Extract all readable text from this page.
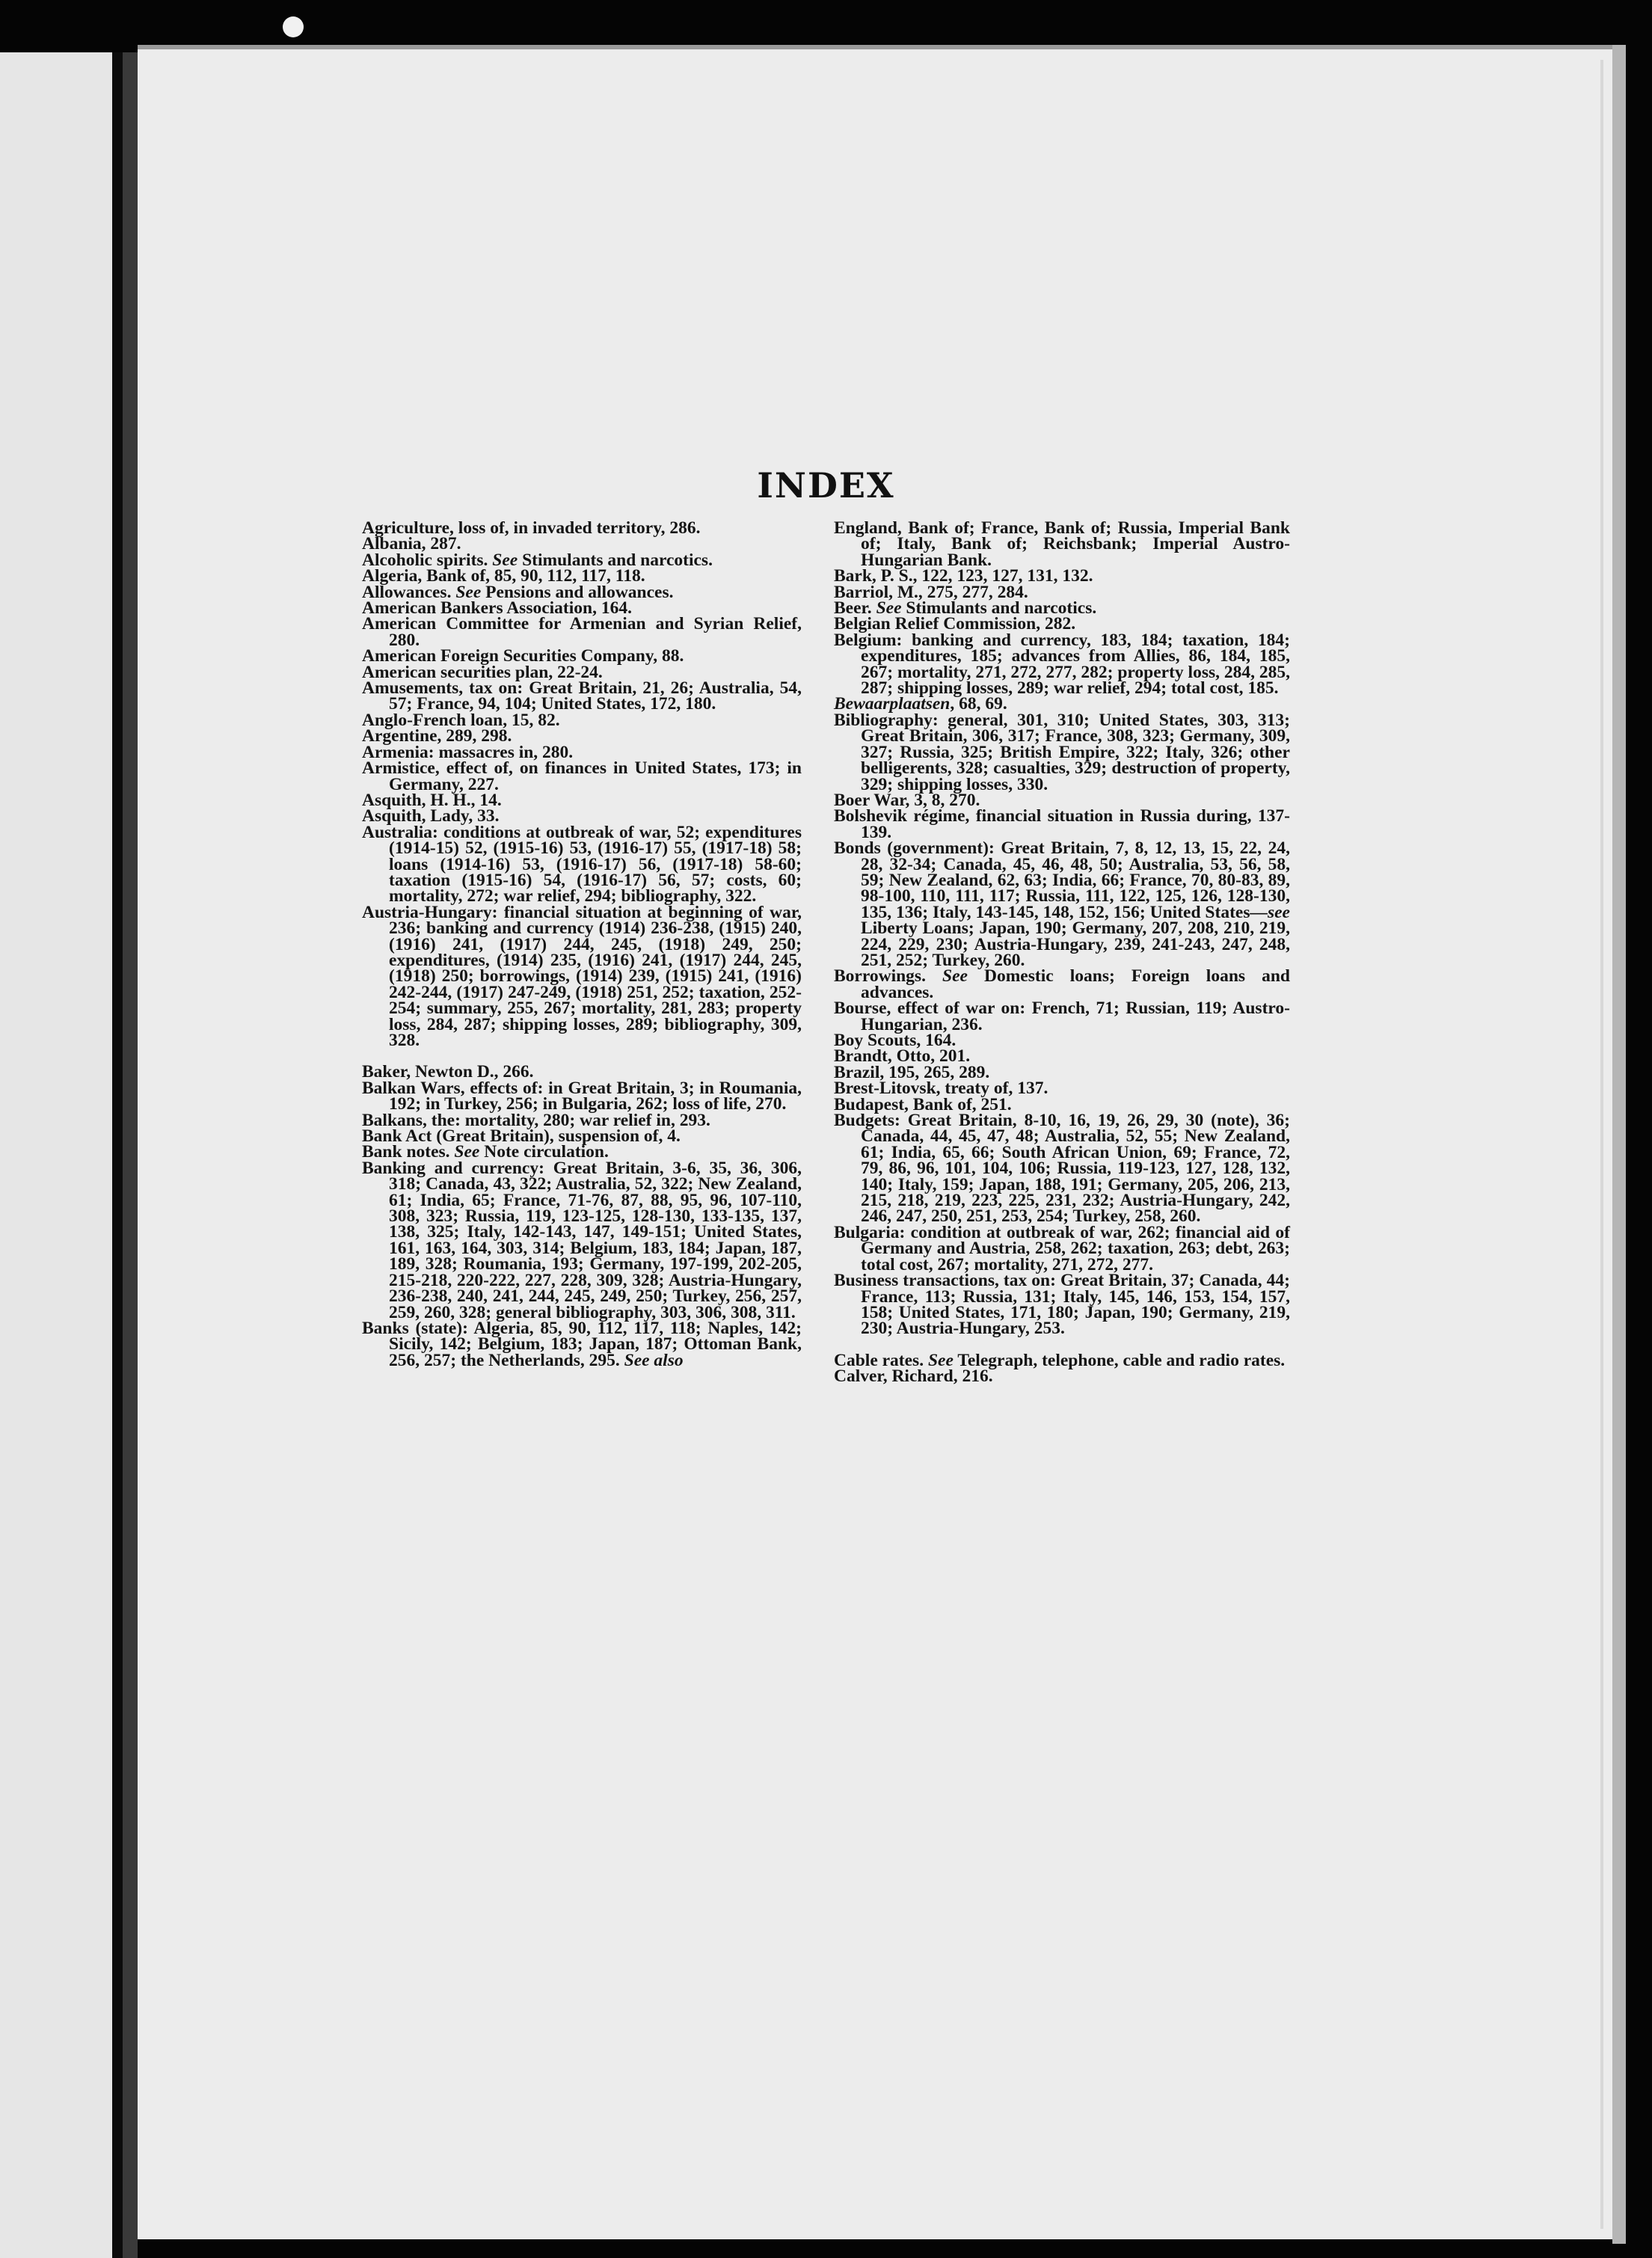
INDEX

Agriculture, loss of, in invaded territory, 286.

Albania, 287.

Alcoholic spirits. See Stimulants and narcotics.

Algeria, Bank of, 85, 90, 112, 117, 118.

Allowances. See Pensions and allowances.

American Bankers Association, 164.

American Committee for Armenian and Syrian Relief, 280.

American Foreign Securities Company, 88.

American securities plan, 22-24.

Amusements, tax on: Great Britain, 21, 26; Australia, 54, 57; France, 94, 104; United States, 172, 180.

Anglo-French loan, 15, 82.

Argentine, 289, 298.

Armenia: massacres in, 280.

Armistice, effect of, on finances in United States, 173; in Germany, 227.

Asquith, H. H., 14.

Asquith, Lady, 33.

Australia: conditions at outbreak of war, 52; expenditures (1914-15) 52, (1915-16) 53, (1916-17) 55, (1917-18) 58; loans (1914-16) 53, (1916-17) 56, (1917-18) 58-60; taxation (1915-16) 54, (1916-17) 56, 57; costs, 60; mortality, 272; war relief, 294; bibliography, 322.

Austria-Hungary: financial situation at beginning of war, 236; banking and currency (1914) 236-238, (1915) 240, (1916) 241, (1917) 244, 245, (1918) 249, 250; expenditures, (1914) 235, (1916) 241, (1917) 244, 245, (1918) 250; borrowings, (1914) 239, (1915) 241, (1916) 242-244, (1917) 247-249, (1918) 251, 252; taxation, 252-254; summary, 255, 267; mortality, 281, 283; property loss, 284, 287; shipping losses, 289; bibliography, 309, 328.

Baker, Newton D., 266.

Balkan Wars, effects of: in Great Britain, 3; in Roumania, 192; in Turkey, 256; in Bulgaria, 262; loss of life, 270.

Balkans, the: mortality, 280; war relief in, 293.

Bank Act (Great Britain), suspension of, 4.

Bank notes. See Note circulation.

Banking and currency: Great Britain, 3-6, 35, 36, 306, 318; Canada, 43, 322; Australia, 52, 322; New Zealand, 61; India, 65; France, 71-76, 87, 88, 95, 96, 107-110, 308, 323; Russia, 119, 123-125, 128-130, 133-135, 137, 138, 325; Italy, 142-143, 147, 149-151; United States, 161, 163, 164, 303, 314; Belgium, 183, 184; Japan, 187, 189, 328; Roumania, 193; Germany, 197-199, 202-205, 215-218, 220-222, 227, 228, 309, 328; Austria-Hungary, 236-238, 240, 241, 244, 245, 249, 250; Turkey, 256, 257, 259, 260, 328; general bibliography, 303, 306, 308, 311.

Banks (state): Algeria, 85, 90, 112, 117, 118; Naples, 142; Sicily, 142; Belgium, 183; Japan, 187; Ottoman Bank, 256, 257; the Netherlands, 295. See also

England, Bank of; France, Bank of; Russia, Imperial Bank of; Italy, Bank of; Reichsbank; Imperial Austro-Hungarian Bank.

Bark, P. S., 122, 123, 127, 131, 132.

Barriol, M., 275, 277, 284.

Beer. See Stimulants and narcotics.

Belgian Relief Commission, 282.

Belgium: banking and currency, 183, 184; taxation, 184; expenditures, 185; advances from Allies, 86, 184, 185, 267; mortality, 271, 272, 277, 282; property loss, 284, 285, 287; shipping losses, 289; war relief, 294; total cost, 185.

Bewaarplaatsen, 68, 69.

Bibliography: general, 301, 310; United States, 303, 313; Great Britain, 306, 317; France, 308, 323; Germany, 309, 327; Russia, 325; British Empire, 322; Italy, 326; other belligerents, 328; casualties, 329; destruction of property, 329; shipping losses, 330.

Boer War, 3, 8, 270.

Bolshevik régime, financial situation in Russia during, 137-139.

Bonds (government): Great Britain, 7, 8, 12, 13, 15, 22, 24, 28, 32-34; Canada, 45, 46, 48, 50; Australia, 53, 56, 58, 59; New Zealand, 62, 63; India, 66; France, 70, 80-83, 89, 98-100, 110, 111, 117; Russia, 111, 122, 125, 126, 128-130, 135, 136; Italy, 143-145, 148, 152, 156; United States—see Liberty Loans; Japan, 190; Germany, 207, 208, 210, 219, 224, 229, 230; Austria-Hungary, 239, 241-243, 247, 248, 251, 252; Turkey, 260.

Borrowings. See Domestic loans; Foreign loans and advances.

Bourse, effect of war on: French, 71; Russian, 119; Austro-Hungarian, 236.

Boy Scouts, 164.

Brandt, Otto, 201.

Brazil, 195, 265, 289.

Brest-Litovsk, treaty of, 137.

Budapest, Bank of, 251.

Budgets: Great Britain, 8-10, 16, 19, 26, 29, 30 (note), 36; Canada, 44, 45, 47, 48; Australia, 52, 55; New Zealand, 61; India, 65, 66; South African Union, 69; France, 72, 79, 86, 96, 101, 104, 106; Russia, 119-123, 127, 128, 132, 140; Italy, 159; Japan, 188, 191; Germany, 205, 206, 213, 215, 218, 219, 223, 225, 231, 232; Austria-Hungary, 242, 246, 247, 250, 251, 253, 254; Turkey, 258, 260.

Bulgaria: condition at outbreak of war, 262; financial aid of Germany and Austria, 258, 262; taxation, 263; debt, 263; total cost, 267; mortality, 271, 272, 277.

Business transactions, tax on: Great Britain, 37; Canada, 44; France, 113; Russia, 131; Italy, 145, 146, 153, 154, 157, 158; United States, 171, 180; Japan, 190; Germany, 219, 230; Austria-Hungary, 253.

Cable rates. See Telegraph, telephone, cable and radio rates.

Calver, Richard, 216.
